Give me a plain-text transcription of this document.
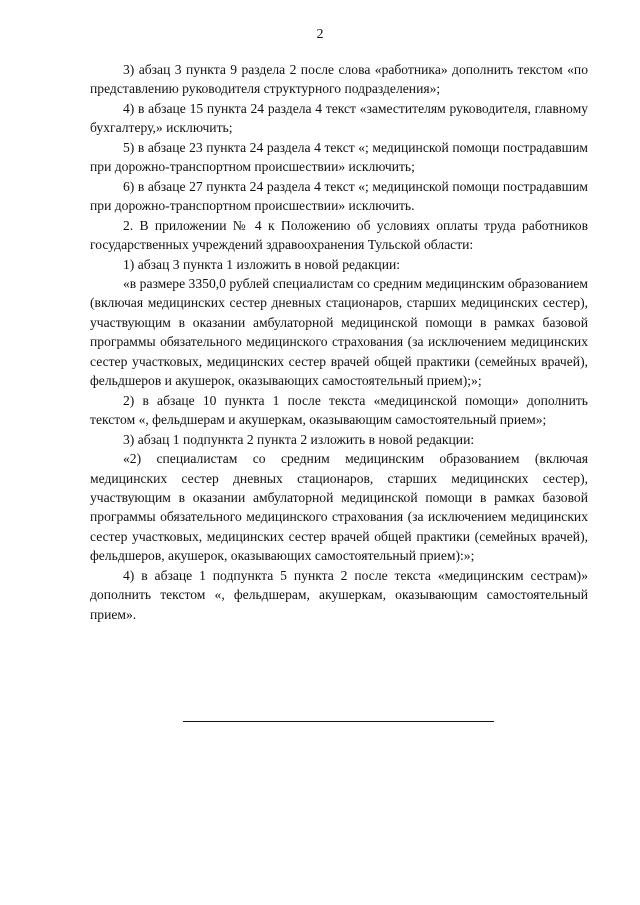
2

3) абзац 3 пункта 9 раздела 2 после слова «работника» дополнить текстом «по представлению руководителя структурного подразделения»;

4) в абзаце 15 пункта 24 раздела 4 текст «заместителям руководителя, главному бухгалтеру,» исключить;

5) в абзаце 23 пункта 24 раздела 4 текст «; медицинской помощи пострадавшим при дорожно-транспортном происшествии» исключить;

6) в абзаце 27 пункта 24 раздела 4 текст «; медицинской помощи пострадавшим при дорожно-транспортном происшествии» исключить.

2. В приложении № 4 к Положению об условиях оплаты труда работников государственных учреждений здравоохранения Тульской области:

1) абзац 3 пункта 1 изложить в новой редакции:

«в размере 3350,0 рублей специалистам со средним медицинским образованием (включая медицинских сестер дневных стационаров, старших медицинских сестер), участвующим в оказании амбулаторной медицинской помощи в рамках базовой программы обязательного медицинского страхования (за исключением медицинских сестер участковых, медицинских сестер врачей общей практики (семейных врачей), фельдшеров и акушерок, оказывающих самостоятельный прием);»;

2) в абзаце 10 пункта 1 после текста «медицинской помощи» дополнить текстом «, фельдшерам и акушеркам, оказывающим самостоятельный прием»;

3) абзац 1 подпункта 2 пункта 2 изложить в новой редакции:

«2) специалистам со средним медицинским образованием (включая медицинских сестер дневных стационаров, старших медицинских сестер), участвующим в оказании амбулаторной медицинской помощи в рамках базовой программы обязательного медицинского страхования (за исключением медицинских сестер участковых, медицинских сестер врачей общей практики (семейных врачей), фельдшеров, акушерок, оказывающих самостоятельный прием):»;

4) в абзаце 1 подпункта 5 пункта 2 после текста «медицинским сестрам)» дополнить текстом «, фельдшерам, акушеркам, оказывающим самостоятельный прием».
